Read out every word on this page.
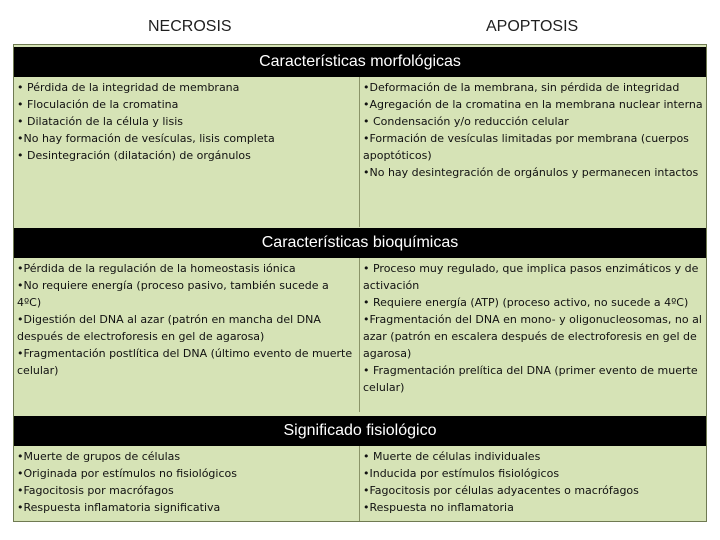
NECROSIS	APOPTOSIS
Características morfológicas
• Pérdida de la integridad de membrana
• Floculación de la cromatina
• Dilatación de la célula y lisis
•No hay formación de vesículas, lisis completa
• Desintegración (dilatación) de orgánulos
•Deformación de la membrana, sin pérdida de integridad
•Agregación de la cromatina en la membrana nuclear interna
• Condensación y/o reducción celular
•Formación de vesículas limitadas por membrana (cuerpos apoptóticos)
•No hay desintegración de orgánulos y permanecen intactos
Características bioquímicas
•Pérdida de la regulación de la homeostasis iónica
•No requiere energía (proceso pasivo, también sucede a 4ºC)
•Digestión del DNA al azar (patrón en mancha del DNA después de electroforesis en gel de agarosa)
•Fragmentación postlítica del DNA (último evento de muerte celular)
• Proceso muy regulado, que implica pasos enzimáticos y de activación
• Requiere energía (ATP) (proceso activo, no sucede a 4ºC)
•Fragmentación del DNA en mono- y oligonucleosomas, no al azar (patrón en escalera después de electroforesis en gel de agarosa)
• Fragmentación prelítica del DNA (primer evento de muerte celular)
Significado fisiológico
•Muerte de grupos de células
•Originada por estímulos no fisiológicos
•Fagocitosis por macrófagos
•Respuesta inflamatoria significativa
• Muerte de células individuales
•Inducida por estímulos fisiológicos
•Fagocitosis por células adyacentes o macrófagos
•Respuesta no inflamatoria
